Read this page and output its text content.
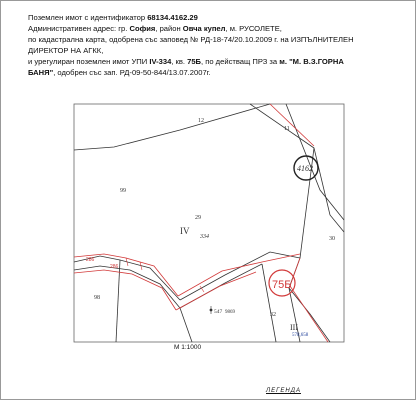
12
11
99
29
30
98
32
IV
334
547 9869
III
578,658
4162
75Б
286
286
Поземлен имот с идентификатор 68134.4162.29
Административен адрес: гр. София, район Овча купел, м. РУСОЛЕТЕ,
по кадастрална карта, одобрена със заповед № РД-18-74/20.10.2009 г. на ИЗПЪЛНИТЕЛЕН
ДИРЕКТОР НА АГКК,
и урегулиран поземлен имот УПИ IV-334, кв. 75Б, по действащ ПРЗ за м. "М. В.З.ГОРНА
БАНЯ", одобрен със зап. РД-09-50-844/13.07.2007г.
М 1:1000
ЛЕГЕНДА
